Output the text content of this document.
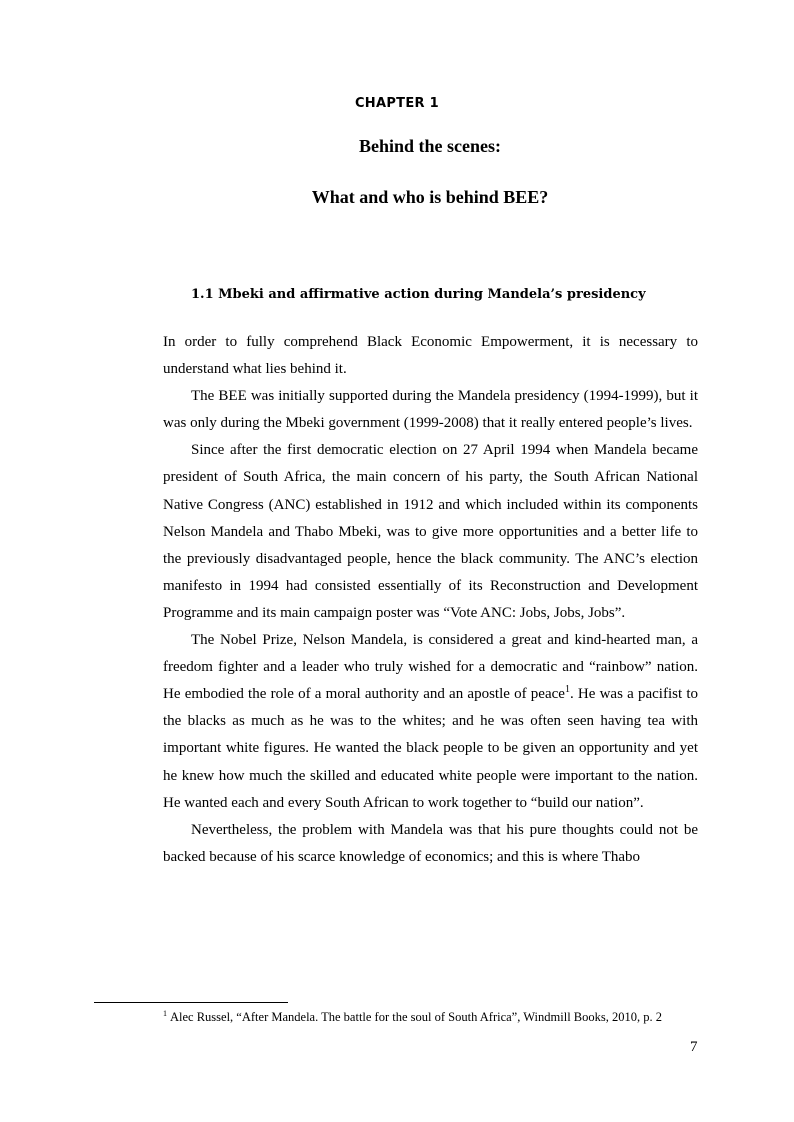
CHAPTER 1
Behind the scenes:
What and who is behind BEE?
1.1 Mbeki and affirmative action during Mandela’s presidency

In order to fully comprehend Black Economic Empowerment, it is necessary to understand what lies behind it.

The BEE was initially supported during the Mandela presidency (1994-1999), but it was only during the Mbeki government (1999-2008) that it really entered people’s lives.

Since after the first democratic election on 27 April 1994 when Mandela became president of South Africa, the main concern of his party, the South African National Native Congress (ANC) established in 1912 and which included within its components Nelson Mandela and Thabo Mbeki, was to give more opportunities and a better life to the previously disadvantaged people, hence the black community. The ANC’s election manifesto in 1994 had consisted essentially of its Reconstruction and Development Programme and its main campaign poster was “Vote ANC: Jobs, Jobs, Jobs”.

The Nobel Prize, Nelson Mandela, is considered a great and kind-hearted man, a freedom fighter and a leader who truly wished for a democratic and “rainbow” nation. He embodied the role of a moral authority and an apostle of peace$^1$. He was a pacifist to the blacks as much as he was to the whites; and he was often seen having tea with important white figures. He wanted the black people to be given an opportunity and yet he knew how much the skilled and educated white people were important to the nation. He wanted each and every South African to work together to “build our nation”.

Nevertheless, the problem with Mandela was that his pure thoughts could not be backed because of his scarce knowledge of economics; and this is where Thabo

$^1$ Alec Russel, “After Mandela. The battle for the soul of South Africa”, Windmill Books, 2010, p. 2
7
